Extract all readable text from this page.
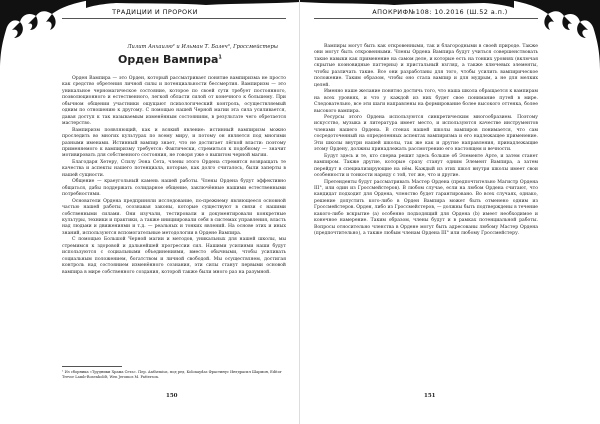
ТРАДИЦИИ И ПРОРОКИ
Лилит Анхаилю² и Ильман Т. Балеч³, Гроссмейстеры
Орден Вампира$^1$

Орден Вампира — это Орден, который рассматривает понятие вампиризма не просто как средство обретения личной силы и потенциальности бессмертия. Вампиризм — это уникальное черномагическое состояние, которое по своей сути требует постоянного, поэволюционного и естественного, легкой области силой от конечного к большему. При обычном общении участники ощущают психологический контроль, осуществляемый одним по отношению к другому. С помощью нашей Черной магии эта сила усиливается, давая доступ к так называемым изменённым состояниям, в результате чего обретается мастерство.

Вампиризм появляющий, как и всякий явление: истинный вампиризм можно проследить во многих культурах по всему миру, и потому он является под многими разными именами. Истинный вампир знает, что не достигает лёгкой власти: поэтому применяемого к вампиризму требуется: Фактически, стремиться к подобному — значит мотивировать для собственного состояния, не говоря уже о выпитом черной магии.

Благодаря Хетеру, Ссилу Эона Сета, члены этого Ордена стремятся возвращать те качества и аспекты нашего потенциала, которые, как долго считалось, были заперты в нашей сущности.

Общение — краеугольный камень нашей работы. Члены Ордена будут эффективно общаться, дабы поддержать солидарное общение, заключённые нашими естественными потребностями.

Основатели Ордена предприняли исследование, по-прежнему являющееся основной частью нашей работы, осознавая законы, которые существуют в связи с нашими собственными силами. Они изучали, тестировали и документировали конкретные культуры, техники и практики, а также инициировали себя в системах управления, власть над людьми и движениями и т.д. — реальных и тонких явлений. На основе этих и иных знаний, используются вспомогательные методологии в Ордене Вампира.

С помощью Большой Черной магии и методов, уникальных для нашей школы, мы стремимся к здоровой и дальнейшей прогрессии сил. Нашими усилиями наши будут используются с социальными объединениями, вместо обычными, чтобы усиливать социальным положением, богатством и личной свободой. Мы осуществляем, достигая контроль над состоянием изменённого сознания, эти силы станут первыми основой вампира в мире собственного создания, которой также были много раз на разумной.

¹ Из сборника «Трудники Храма Сета». Пер. Anthemius, под ред. Kolonaydas Фрастинус Ингдрасил Шармон, Editor Trevor Lamb-Rosenholdt, Wen Jeromos M. Patterson.
150
АПОКРИФ№108: 10.2016 (Ш.52 а.п.)

Вампиры могут быть как откровенными, так и благородными в своей природе. Также они могут быть откровенными. Члены Ордена Вампира будут учиться совершенствовать такие навыки как применение на самом деле, и которые есть на тонких уровнях (включая скрытые коэновидные паттерны) и пристальный взгляд, а также ключевых элементы, чтобы различать такие. Все они разработаны для того, чтобы усилить вампирическое положение. Таким образом, чтобы оно стала вампир и для мудрым, а не для мелких целей.

Именно наше желание понятно достичь того, что наша школа обращается к вампирам на всех уровнях, и что у каждой из них будет свое понимание путей в мире. Следовательно, все эти шаги направлены на формирование более высокого оттенка, более высокого вампира.

Ресурсы этого Ордена используются синкретическим многообразием. Поэтому искусство, музыка и литература имеет место, и используются качестве инструментов членами нашего Ордена. В стенах нашей школы вампиров понимается, что сам сосредоточенный на определенных аспектах вампиризма и его надлежащее применение. Эти школы внутри нашей школы, так же как и другие направления, принадлежащие этому Ордену, должны принадлежать рассмотрению его настоящем и вечности.

Будут здесь и те, кто сперва решит здесь больше об Элементе Арте, и затем станет вампиром. Также другие, которые сразу станут одним Элемент Вампира, а затем перейдут в специализирующие на нём. Каждый из этих школ внутри школы имеет свои особенности и тонкости наряду с той, тот же, что и другие.

Претенденты будут рассматривать Мастер Ордена (предпочтительно Магистр Ордена III°, или один из Гроссмейстеров). В любом случае, если на любом Ордена считают, что кандидат подходит для Ордена, членство будет гарантировано. Во всех случаях, однако, решение допустить кого-либо в Орден Вампира может быть отменено одним из Гроссмейстеров. Орден, либо из Гроссмейстеров, — должны быть подтверждены в течение какого-либо вскрытие (а) особенно подходящий для Ордена (b) имеет необходимое и конечное намерение. Таким образом, члены будут и в рамках потенциальной работы. Вопросы относительно членства в Ордене могут быть адресованы любому Мастер Ордена (предпочтительно), а также любым членам Ордена III° или любому Гроссмейстеру.

151
